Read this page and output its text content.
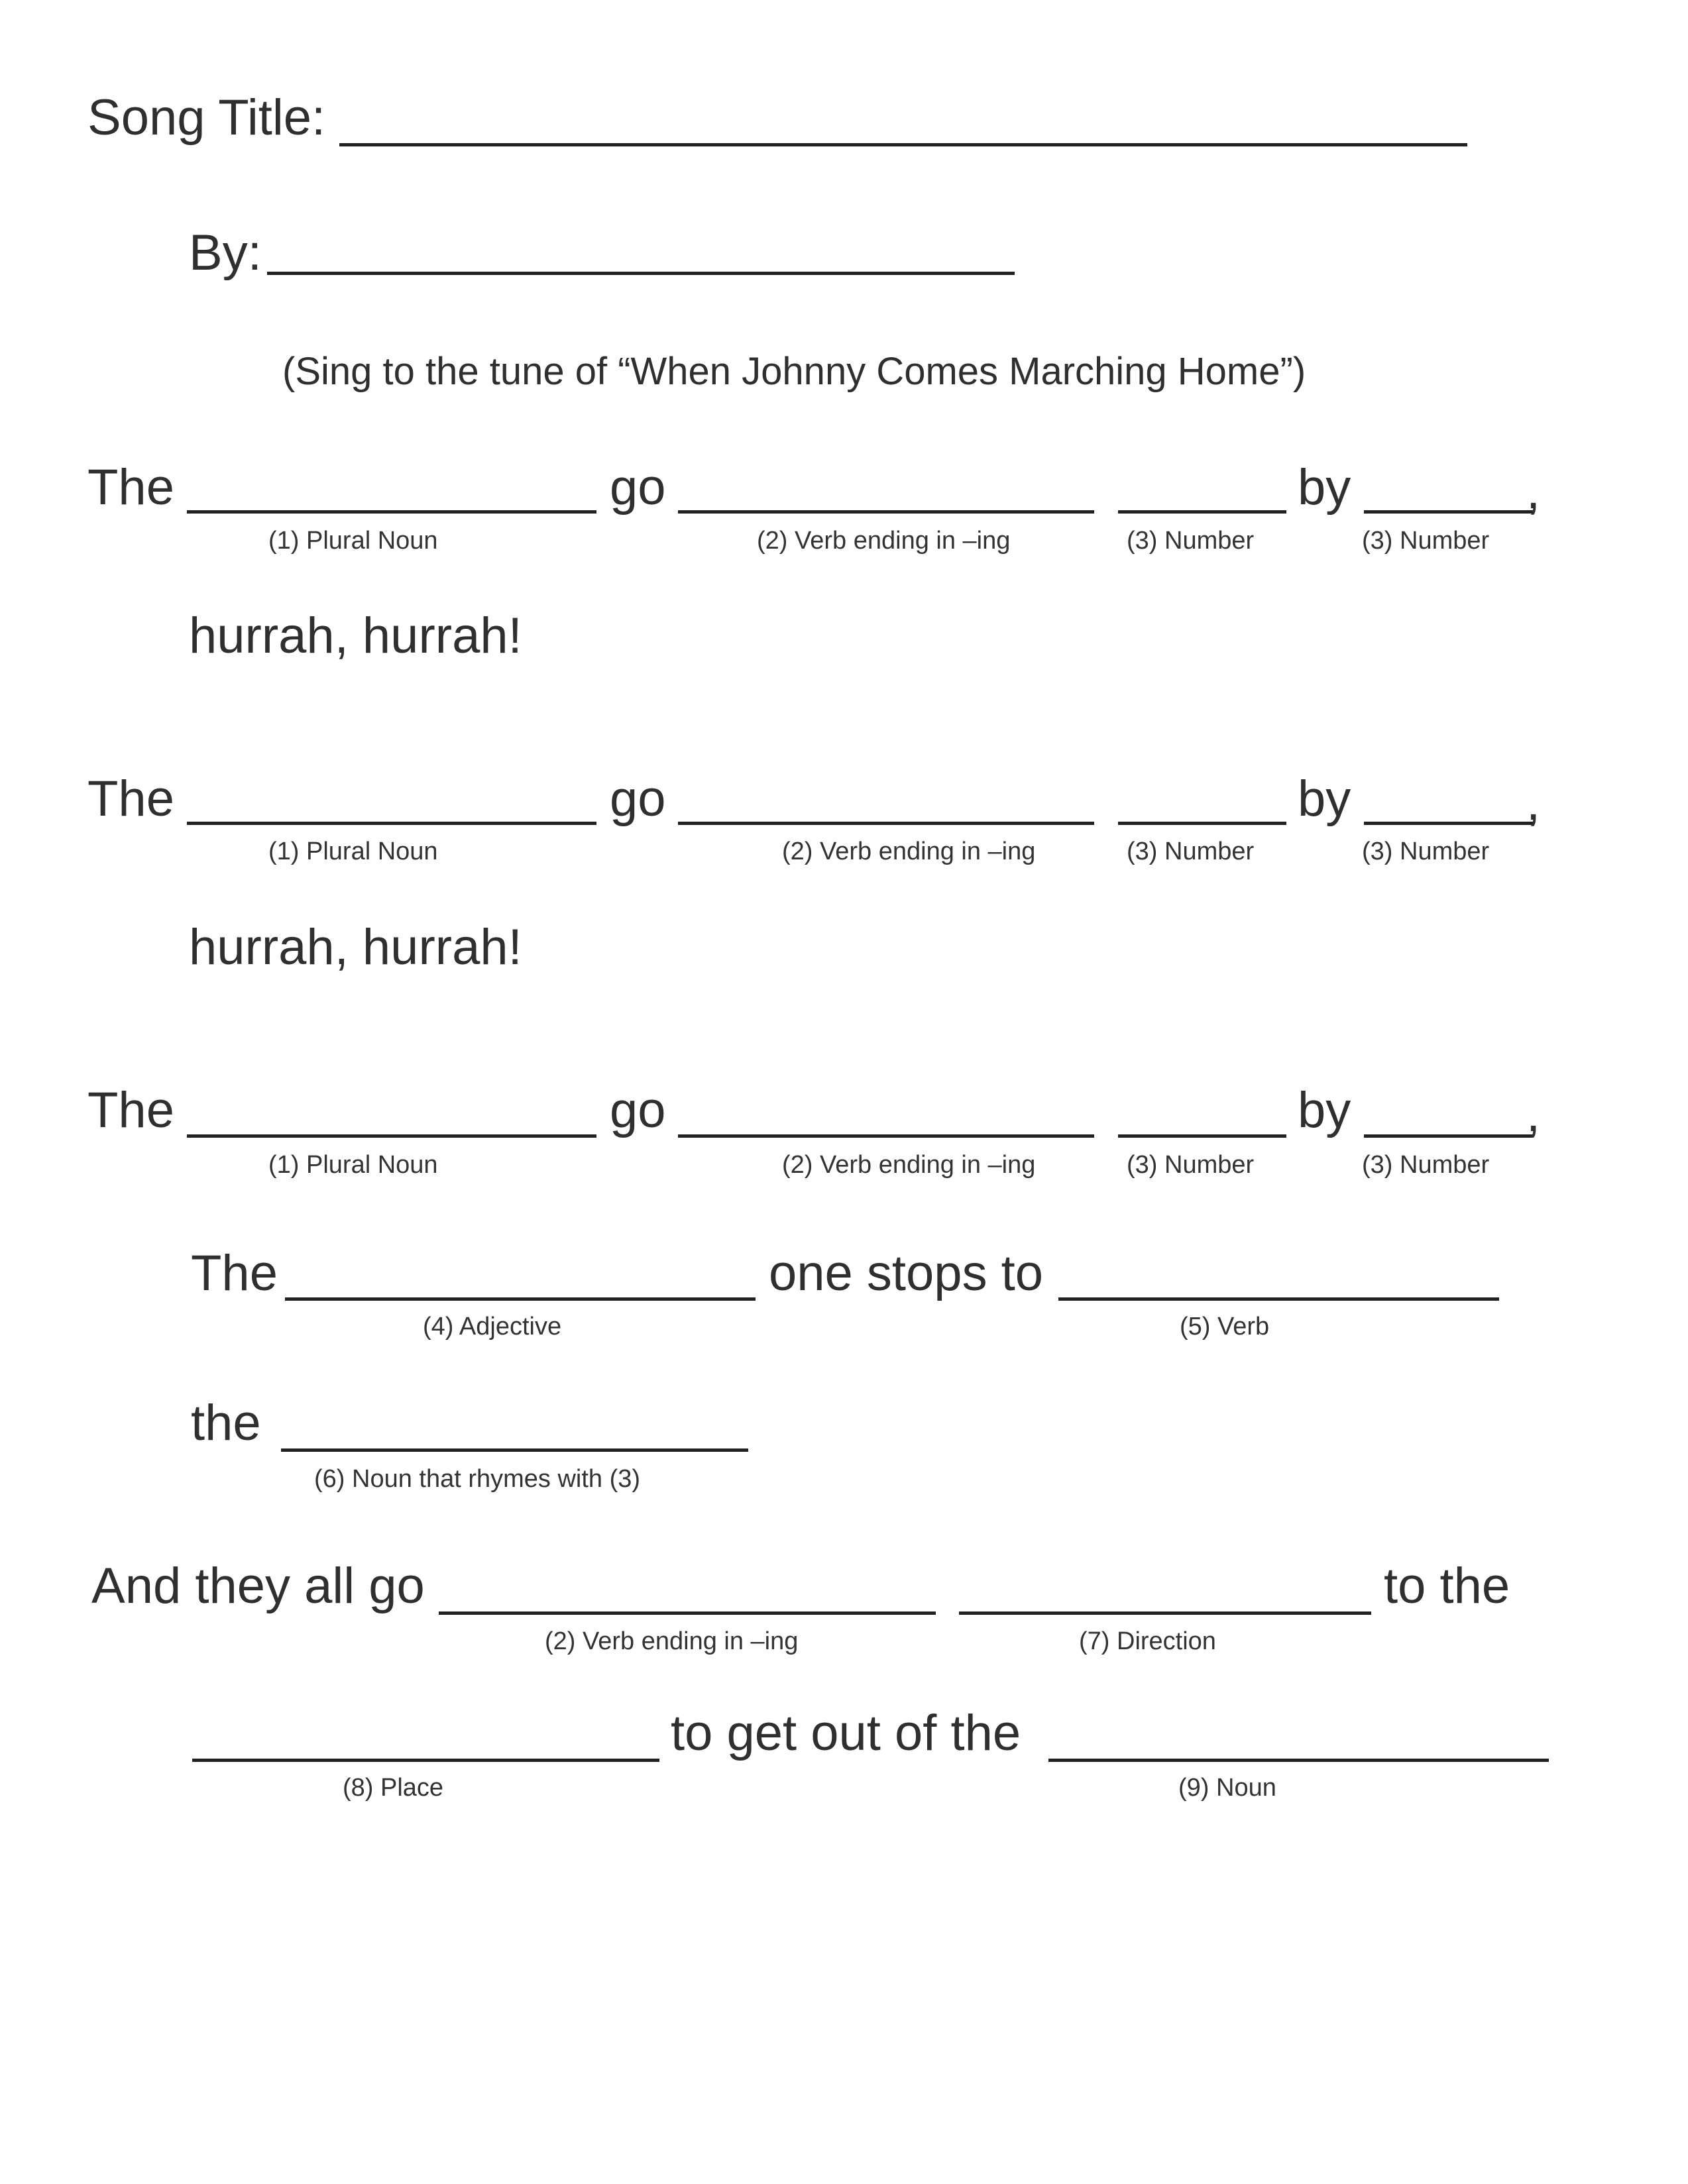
Song Title:
By:
(Sing to the tune of “When Johnny Comes Marching Home”)
The	go	by	,
(1) Plural Noun	(2) Verb ending in –ing	(3) Number	(3) Number
hurrah, hurrah!
The	go	by	,
(1) Plural Noun	(2) Verb ending in –ing	(3) Number	(3) Number
hurrah, hurrah!
The	go	by	,
(1) Plural Noun	(2) Verb ending in –ing	(3) Number	(3) Number
The	one stops to
(4) Adjective	(5) Verb
the
(6) Noun that rhymes with (3)
And they all go	to the
(2) Verb ending in –ing	(7) Direction
to get out of the
(8) Place	(9) Noun
